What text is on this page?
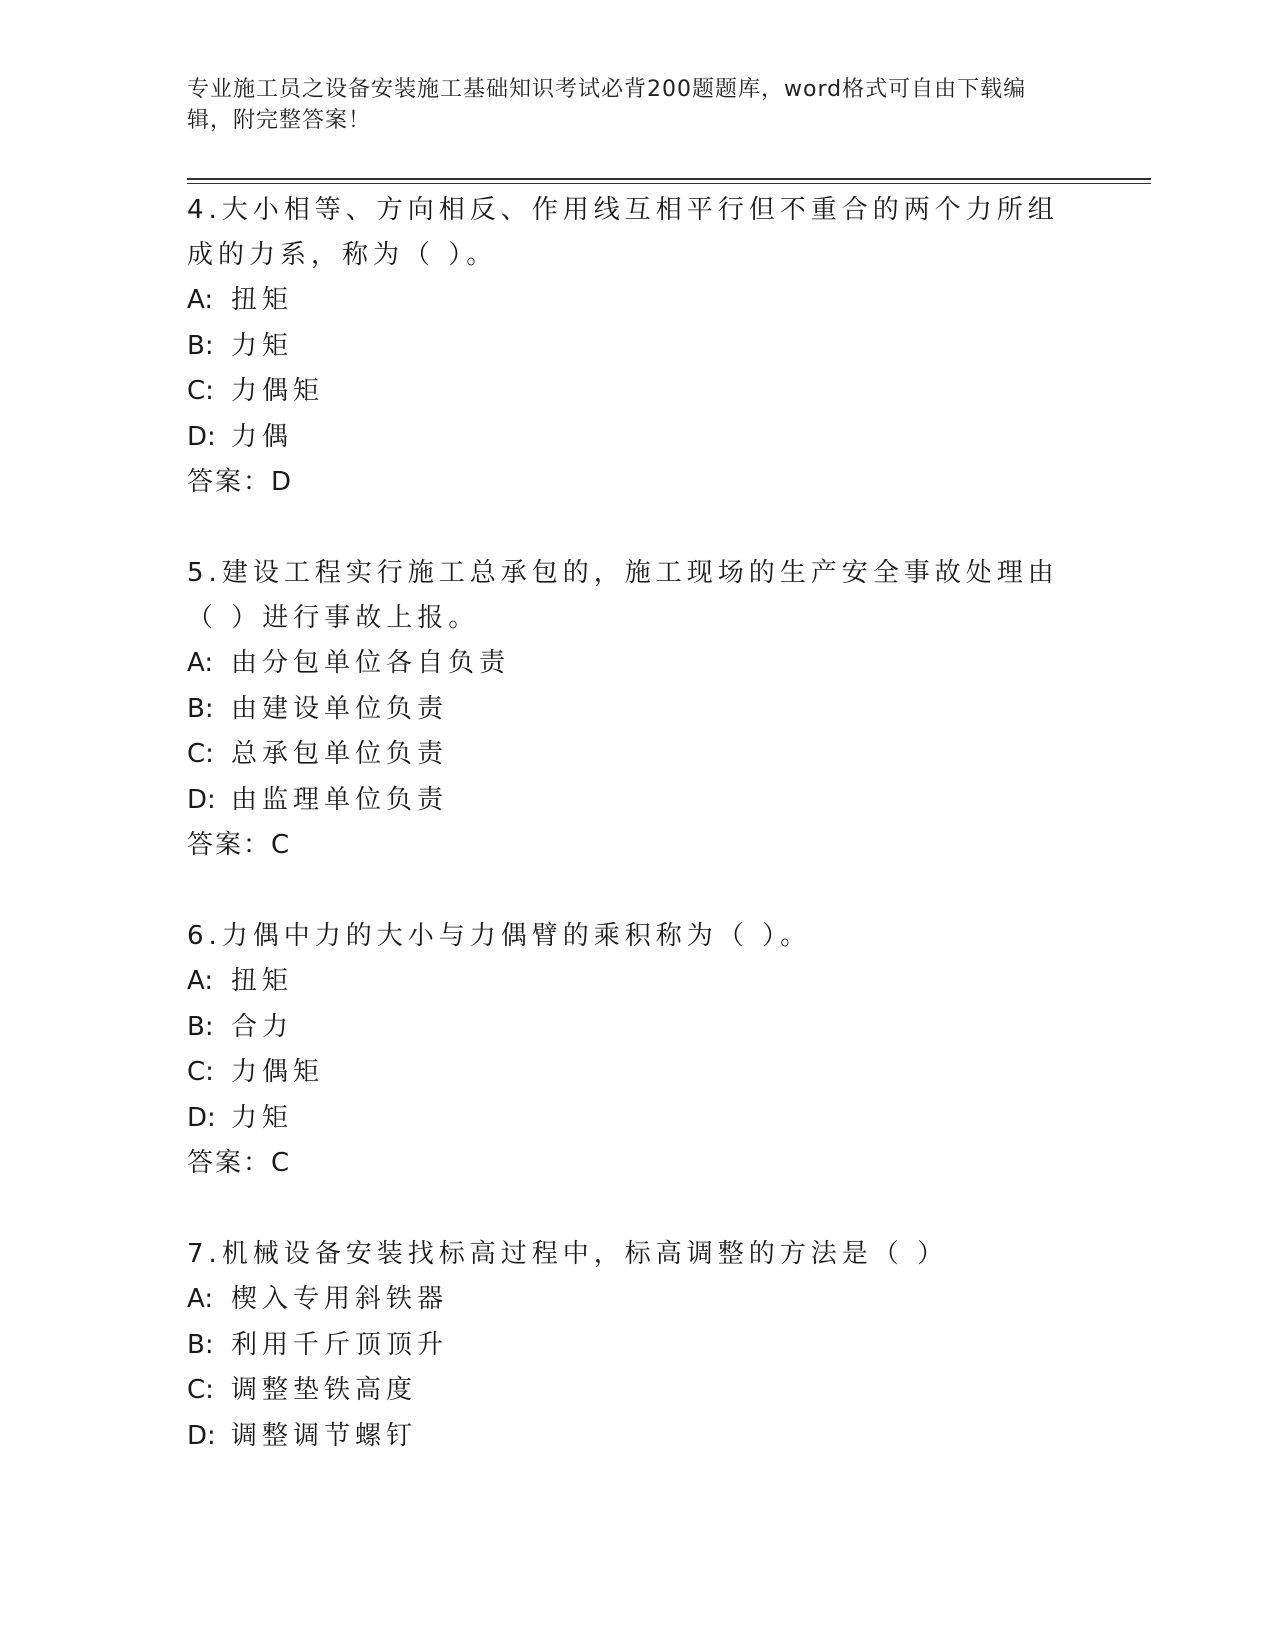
专业施工员之设备安装施工基础知识考试必背200题题库，word格式可自由下载编辑，附完整答案！

4.大小相等、方向相反、作用线互相平行但不重合的两个力所组成的力系，称为（ ）。

A: 扭矩

B: 力矩

C: 力偶矩

D: 力偶

答案：D

5.建设工程实行施工总承包的，施工现场的生产安全事故处理由（ ）进行事故上报。

A: 由分包单位各自负责

B: 由建设单位负责

C: 总承包单位负责

D: 由监理单位负责

答案：C

6.力偶中力的大小与力偶臂的乘积称为（ ）。

A: 扭矩

B: 合力

C: 力偶矩

D: 力矩

答案：C

7.机械设备安装找标高过程中，标高调整的方法是（ ）

A: 楔入专用斜铁器

B: 利用千斤顶顶升

C: 调整垫铁高度

D: 调整调节螺钉
